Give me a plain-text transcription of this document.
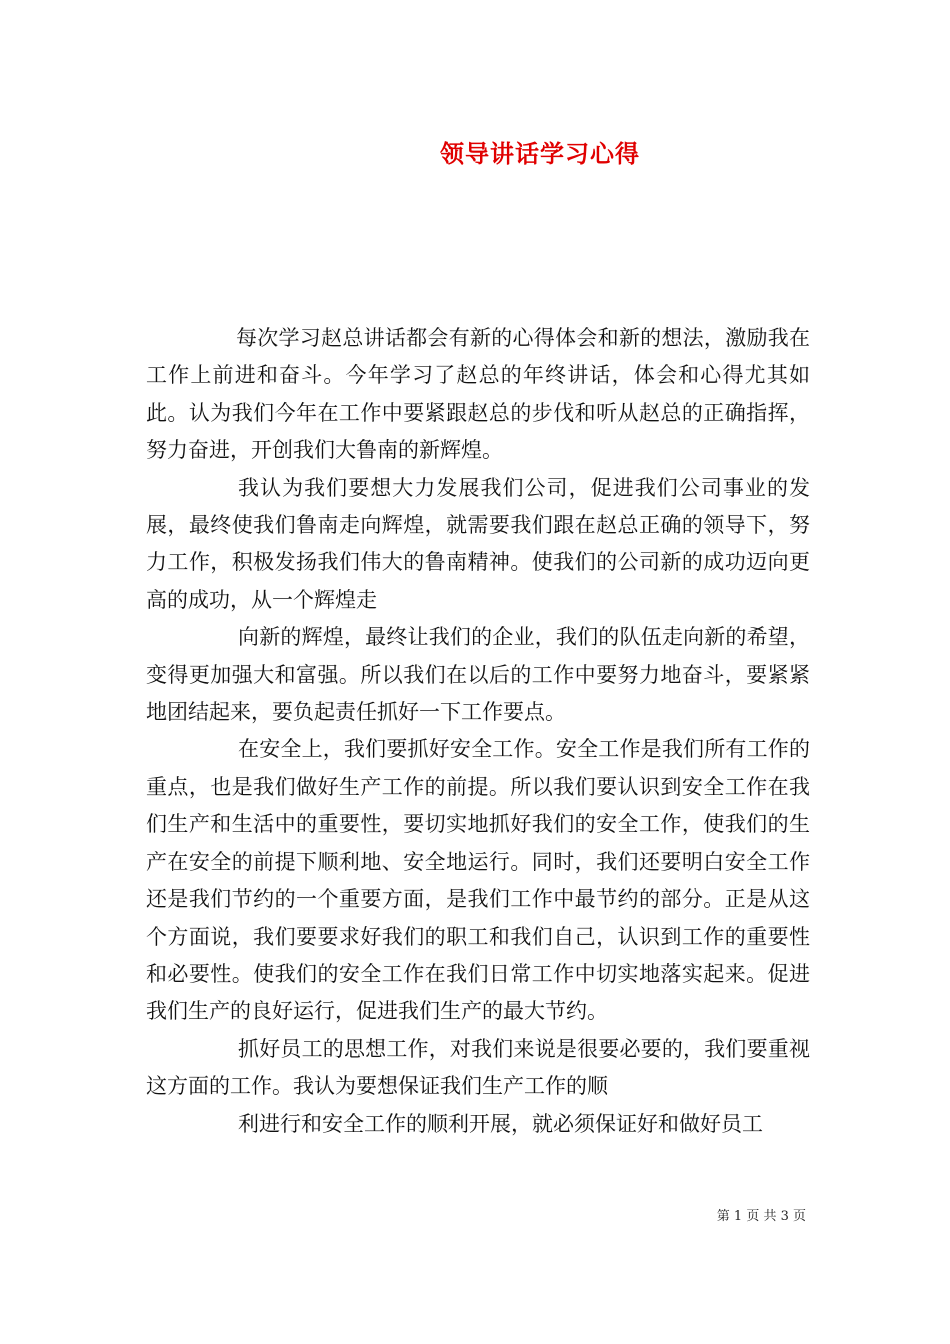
领导讲话学习心得

每次学习赵总讲话都会有新的心得体会和新的想法，激励我在工作上前进和奋斗。今年学习了赵总的年终讲话，体会和心得尤其如此。认为我们今年在工作中要紧跟赵总的步伐和听从赵总的正确指挥，努力奋进，开创我们大鲁南的新辉煌。

我认为我们要想大力发展我们公司，促进我们公司事业的发展，最终使我们鲁南走向辉煌，就需要我们跟在赵总正确的领导下，努力工作，积极发扬我们伟大的鲁南精神。使我们的公司新的成功迈向更高的成功，从一个辉煌走

向新的辉煌，最终让我们的企业，我们的队伍走向新的希望，变得更加强大和富强。所以我们在以后的工作中要努力地奋斗，要紧紧地团结起来，要负起责任抓好一下工作要点。

在安全上，我们要抓好安全工作。安全工作是我们所有工作的重点，也是我们做好生产工作的前提。所以我们要认识到安全工作在我们生产和生活中的重要性，要切实地抓好我们的安全工作，使我们的生产在安全的前提下顺利地、安全地运行。同时，我们还要明白安全工作还是我们节约的一个重要方面，是我们工作中最节约的部分。正是从这个方面说，我们要要求好我们的职工和我们自己，认识到工作的重要性和必要性。使我们的安全工作在我们日常工作中切实地落实起来。促进我们生产的良好运行，促进我们生产的最大节约。

抓好员工的思想工作，对我们来说是很要必要的，我们要重视这方面的工作。我认为要想保证我们生产工作的顺

利进行和安全工作的顺利开展，就必须保证好和做好员工

第 1 页 共 3 页
